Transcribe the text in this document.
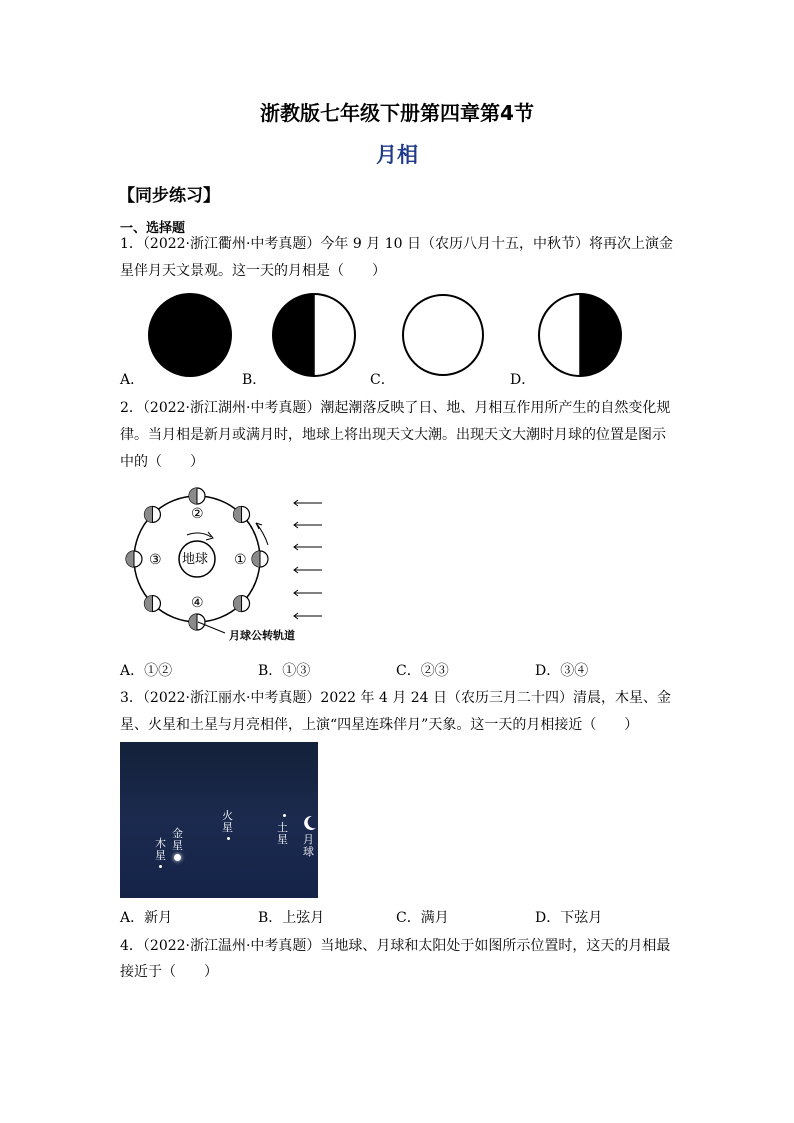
浙教版七年级下册第四章第4节
月相
【同步练习】
一、选择题
1．（2022·浙江衢州·中考真题）今年 9 月 10 日（农历八月十五，中秋节）将再次上演金
星伴月天文景观。这一天的月相是（　　）
A．	B．	C．	D．
2．（2022·浙江湖州·中考真题）潮起潮落反映了日、地、月相互作用所产生的自然变化规
律。当月相是新月或满月时，地球上将出现天文大潮。出现天文大潮时月球的位置是图示
中的（　　）
地球
②
③	①
④
月球公转轨道
A．①②	B．①③	C．②③	D．③④
3．（2022·浙江丽水·中考真题）2022 年 4 月 24 日（农历三月二十四）清晨，木星、金
星、火星和土星与月亮相伴，上演“四星连珠伴月”天象。这一天的月相接近（　　）
木星
金星
火星	土星 月球
A．新月	B．上弦月	C．满月	D．下弦月
4．（2022·浙江温州·中考真题）当地球、月球和太阳处于如图所示位置时，这天的月相最
接近于（　　）
